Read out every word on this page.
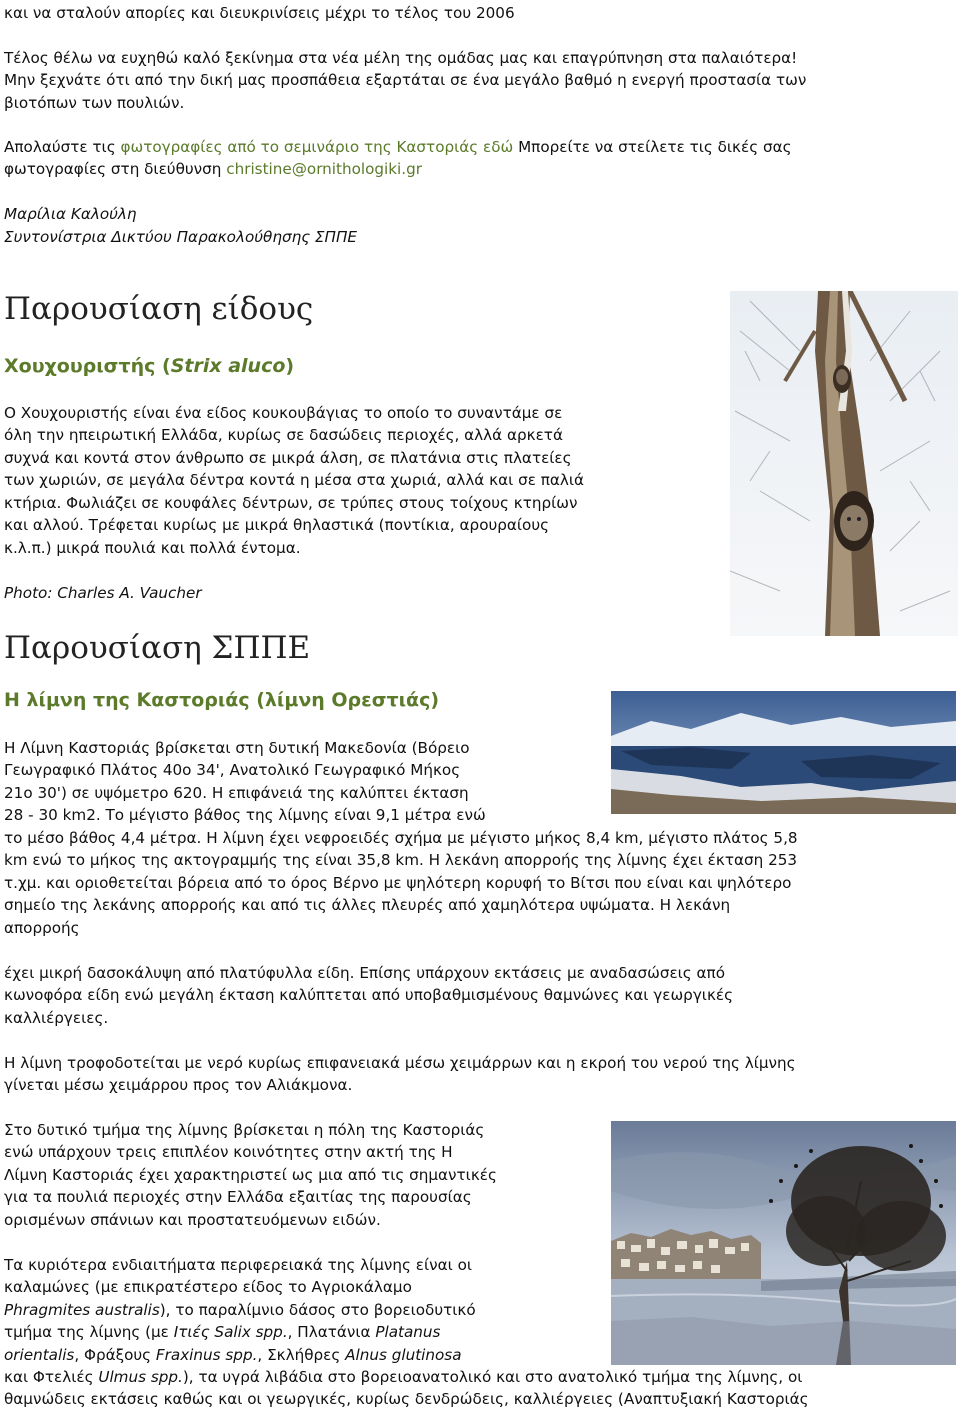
και να σταλούν απορίες και διευκρινίσεις μέχρι το τέλος του 2006

Τέλος θέλω να ευχηθώ καλό ξεκίνημα στα νέα μέλη της ομάδας μας και επαγρύπνηση στα παλαιότερα!

Μην ξεχνάτε ότι από την δική μας προσπάθεια εξαρτάται σε ένα μεγάλο βαθμό η ενεργή προστασία των

βιοτόπων των πουλιών.

Απολαύστε τις φωτογραφίες από το σεμινάριο της Καστοριάς εδώ Μπορείτε να στείλετε τις δικές σας

φωτογραφίες στη διεύθυνση christine@ornithologiki.gr

Μαρίλια Καλούλη

Συντονίστρια Δικτύου Παρακολούθησης ΣΠΠΕ

Παρουσίαση είδους
Χουχουριστής (Strix aluco)

Ο Χουχουριστής είναι ένα είδος κουκουβάγιας το οποίο το συναντάμε σε

όλη την ηπειρωτική Ελλάδα, κυρίως σε δασώδεις περιοχές, αλλά αρκετά

συχνά και κοντά στον άνθρωπο σε μικρά άλση, σε πλατάνια στις πλατείες

των χωριών, σε μεγάλα δέντρα κοντά η μέσα στα χωριά, αλλά και σε παλιά

κτήρια. Φωλιάζει σε κουφάλες δέντρων, σε τρύπες στους τοίχους κτηρίων

και αλλού. Τρέφεται κυρίως με μικρά θηλαστικά (ποντίκια, αρουραίους

κ.λ.π.) μικρά πουλιά και πολλά έντομα.

Photo: Charles A. Vaucher

Παρουσίαση ΣΠΠΕ
Η λίμνη της Καστοριάς (λίμνη Ορεστιάς)

Η Λίμνη Καστοριάς βρίσκεται στη δυτική Μακεδονία (Βόρειο

Γεωγραφικό Πλάτος 40ο 34', Ανατολικό Γεωγραφικό Μήκος

21ο 30') σε υψόμετρο 620. Η επιφάνειά της καλύπτει έκταση

28 - 30 km2. Το μέγιστο βάθος της λίμνης είναι 9,1 μέτρα ενώ

το μέσο βάθος 4,4 μέτρα. Η λίμνη έχει νεφροειδές σχήμα με μέγιστο μήκος 8,4 km, μέγιστο πλάτος 5,8

km ενώ το μήκος της ακτογραμμής της είναι 35,8 km. Η λεκάνη απορροής της λίμνης έχει έκταση 253

τ.χμ. και οριοθετείται βόρεια από το όρος Βέρνο με ψηλότερη κορυφή το Βίτσι που είναι και ψηλότερο

σημείο της λεκάνης απορροής και από τις άλλες πλευρές από χαμηλότερα υψώματα. Η λεκάνη

απορροής

έχει μικρή δασοκάλυψη από πλατύφυλλα είδη. Επίσης υπάρχουν εκτάσεις με αναδασώσεις από

κωνοφόρα είδη ενώ μεγάλη έκταση καλύπτεται από υποβαθμισμένους θαμνώνες και γεωργικές

καλλιέργειες.

Η λίμνη τροφοδοτείται με νερό κυρίως επιφανειακά μέσω χειμάρρων και η εκροή του νερού της λίμνης

γίνεται μέσω χειμάρρου προς τον Αλιάκμονα.

Στο δυτικό τμήμα της λίμνης βρίσκεται η πόλη της Καστοριάς

ενώ υπάρχουν τρεις επιπλέον κοινότητες στην ακτή της Η

Λίμνη Καστοριάς έχει χαρακτηριστεί ως μια από τις σημαντικές

για τα πουλιά περιοχές στην Ελλάδα εξαιτίας της παρουσίας

ορισμένων σπάνιων και προστατευόμενων ειδών.

Τα κυριότερα ενδιαιτήματα περιφερειακά της λίμνης είναι οι

καλαμώνες (με επικρατέστερο είδος το Αγριοκάλαμο

Phragmites australis), το παραλίμνιο δάσος στο βορειοδυτικό

τμήμα της λίμνης (με Ιτιές Salix spp., Πλατάνια Platanus

orientalis, Φράξους Fraxinus spp., Σκλήθρες Alnus glutinosa

και Φτελιές Ulmus spp.), τα υγρά λιβάδια στο βορειοανατολικό και στο ανατολικό τμήμα της λίμνης, οι

θαμνώδεις εκτάσεις καθώς και οι γεωργικές, κυρίως δενδρώδεις, καλλιέργειες (Αναπτυξιακή Καστοριάς
